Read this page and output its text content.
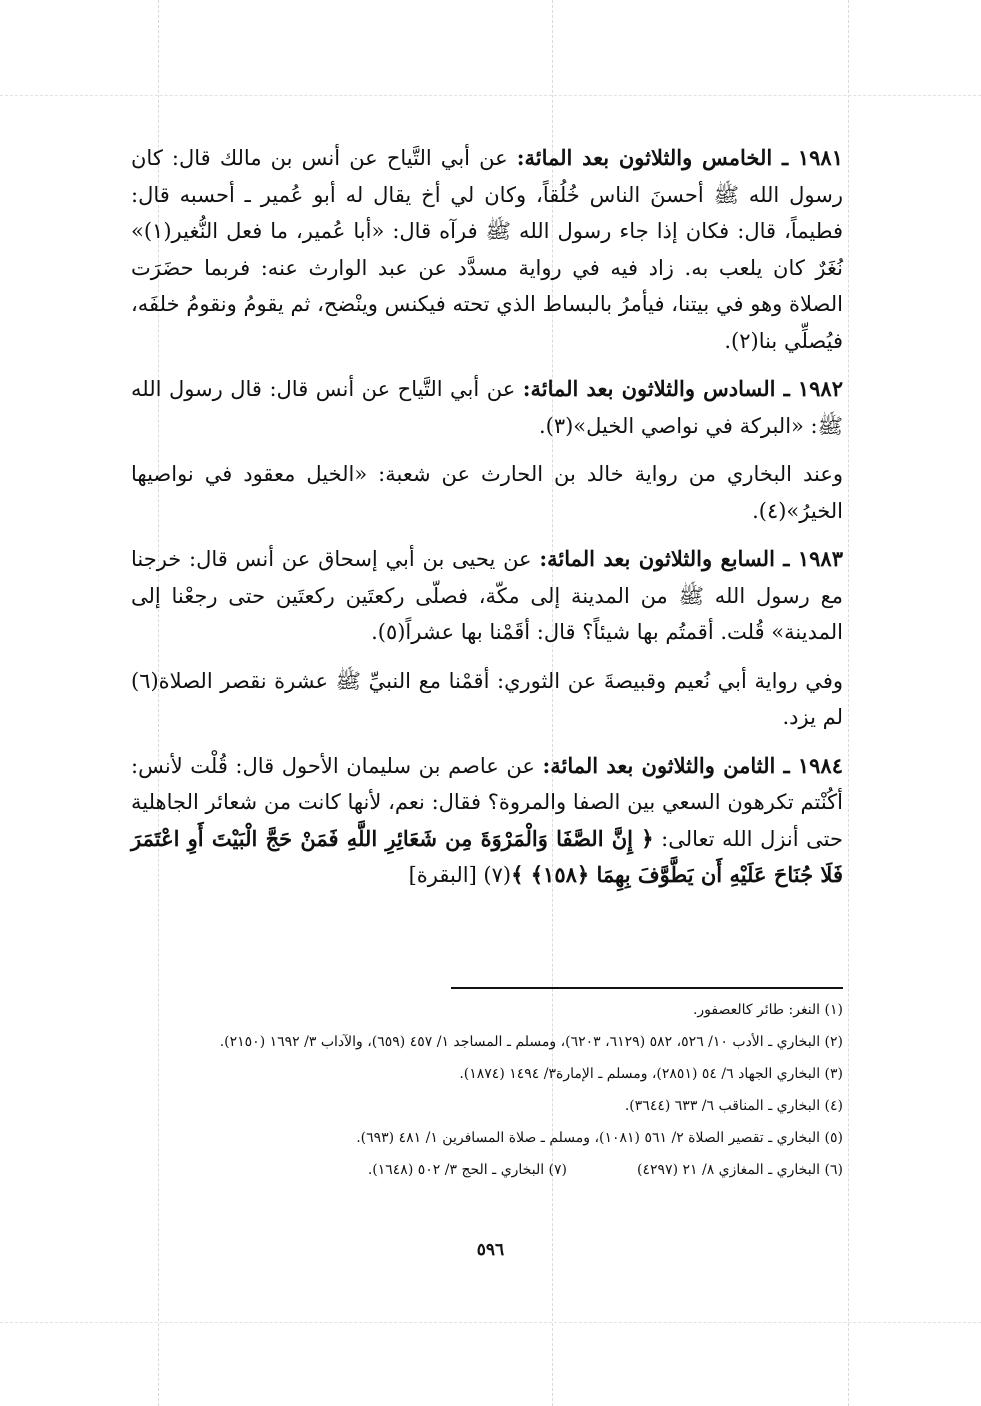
١٩٨١ ـ الخامس والثلاثون بعد المائة: عن أبي التَّياح عن أنس بن مالك قال: كان رسول الله ﷺ أحسنَ الناس خُلُقاً، وكان لي أخ يقال له أبو عُمير ـ أحسبه قال: فطيماً، قال: فكان إذا جاء رسول الله ﷺ فرآه قال: «أبا عُمير، ما فعل النُّغير(١)» نُغَرٌ كان يلعب به. زاد فيه في رواية مسدَّد عن عبد الوارث عنه: فربما حضَرَت الصلاة وهو في بيتنا، فيأمرُ بالبساط الذي تحته فيكنس وينْضح، ثم يقومُ ونقومُ خلفَه، فيُصلِّي بنا(٢).

١٩٨٢ ـ السادس والثلاثون بعد المائة: عن أبي التَّياح عن أنس قال: قال رسول الله ﷺ: «البركة في نواصي الخيل»(٣).

وعند البخاري من رواية خالد بن الحارث عن شعبة: «الخيل معقود في نواصيها الخيرُ»(٤).

١٩٨٣ ـ السابع والثلاثون بعد المائة: عن يحيى بن أبي إسحاق عن أنس قال: خرجنا مع رسول الله ﷺ من المدينة إلى مكّة، فصلّى ركعتَين ركعتَين حتى رجعْنا إلى المدينة» قُلت. أقمتُم بها شيئاً؟ قال: أقَمْنا بها عشراً(٥).

وفي رواية أبي نُعيم وقبيصةَ عن الثوري: أقمْنا مع النبيِّ ﷺ عشرة نقصر الصلاة(٦) لم يزد.

١٩٨٤ ـ الثامن والثلاثون بعد المائة: عن عاصم بن سليمان الأحول قال: قُلْت لأنس: أكُنْتم تكرهون السعي بين الصفا والمروة؟ فقال: نعم، لأنها كانت من شعائر الجاهلية حتى أنزل الله تعالى: ﴿ إِنَّ الصَّفَا وَالْمَرْوَةَ مِن شَعَائِرِ اللَّهِ فَمَنْ حَجَّ الْبَيْتَ أَوِ اعْتَمَرَ فَلَا جُنَاحَ عَلَيْهِ أَن يَطَّوَّفَ بِهِمَا ﴿١٥٨﴾ ﴾(٧) [البقرة]

(١) النغر: طائر كالعصفور.

(٢) البخاري ـ الأدب ١٠/ ٥٢٦، ٥٨٢ (٦١٢٩، ٦٢٠٣)، ومسلم ـ المساجد ١/ ٤٥٧ (٦٥٩)، والآداب ٣/ ١٦٩٢ (٢١٥٠).

(٣) البخاري الجهاد ٦/ ٥٤ (٢٨٥١)، ومسلم ـ الإمارة٣/ ١٤٩٤ (١٨٧٤).

(٤) البخاري ـ المناقب ٦/ ٦٣٣ (٣٦٤٤).

(٥) البخاري ـ تقصير الصلاة ٢/ ٥٦١ (١٠٨١)، ومسلم ـ صلاة المسافرين ١/ ٤٨١ (٦٩٣).

(٦) البخاري ـ المغازي ٨/ ٢١ (٤٢٩٧)
(٧) البخاري ـ الحج ٣/ ٥٠٢ (١٦٤٨).
٥٩٦
